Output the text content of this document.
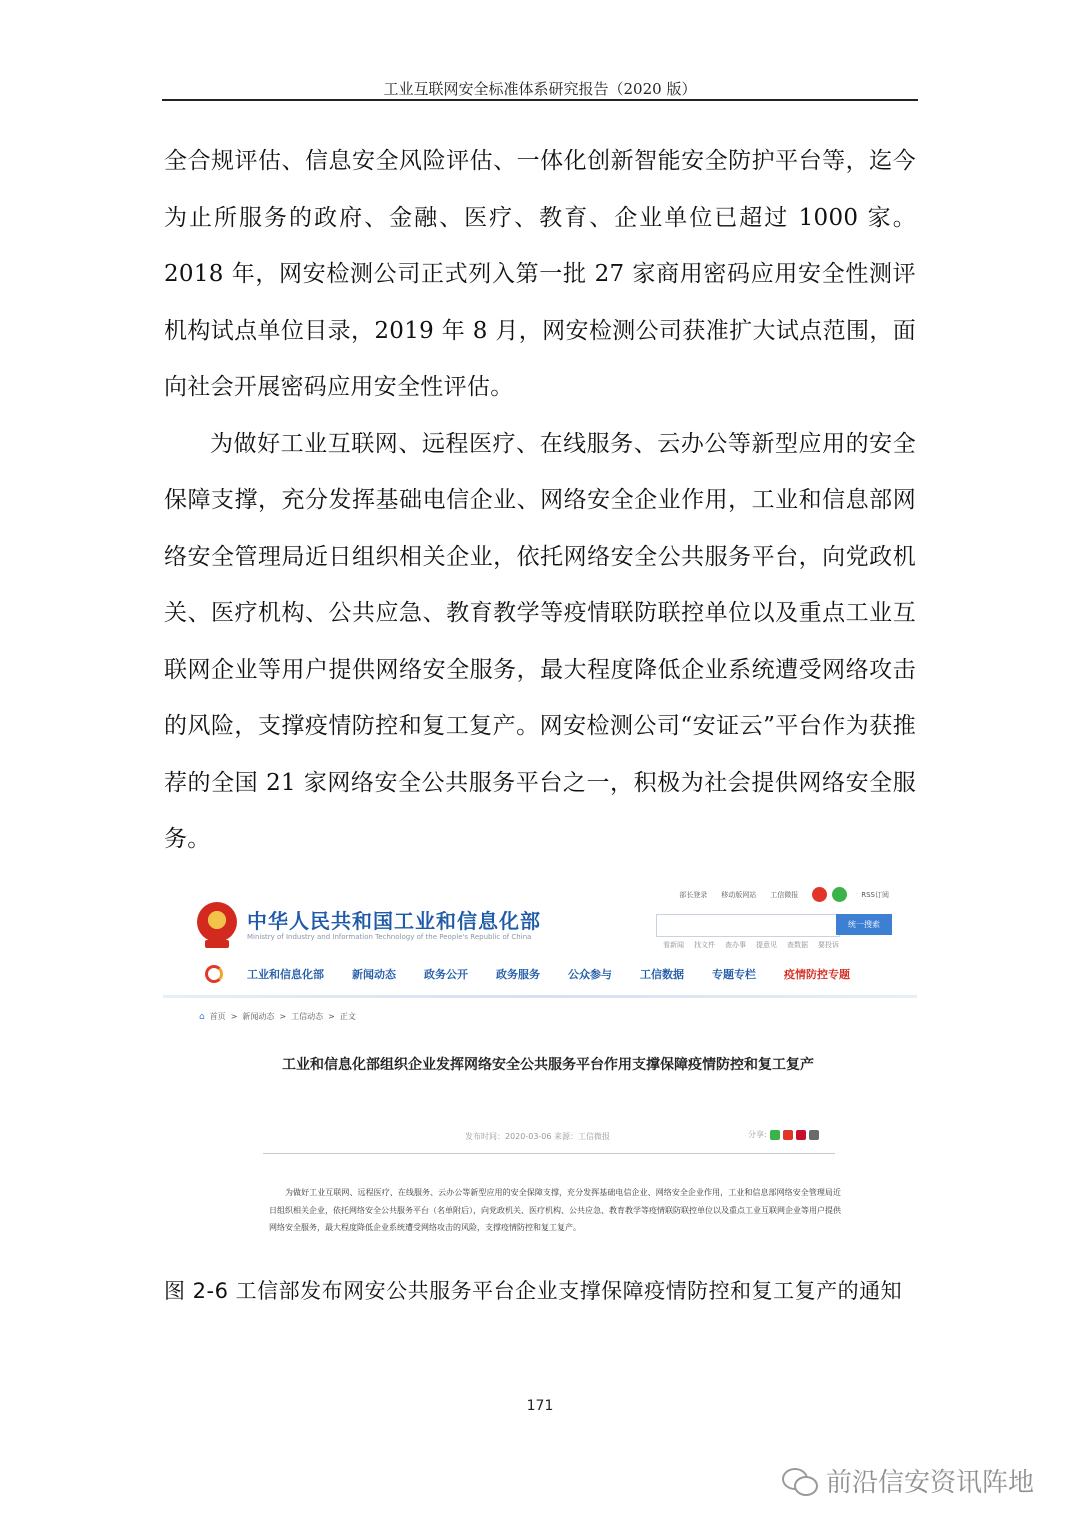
工业互联网安全标准体系研究报告（2020 版）

全合规评估、信息安全风险评估、一体化创新智能安全防护平台等，迄今为止所服务的政府、金融、医疗、教育、企业单位已超过 1000 家。2018 年，网安检测公司正式列入第一批 27 家商用密码应用安全性测评机构试点单位目录，2019 年 8 月，网安检测公司获准扩大试点范围，面向社会开展密码应用安全性评估。

为做好工业互联网、远程医疗、在线服务、云办公等新型应用的安全保障支撑，充分发挥基础电信企业、网络安全企业作用，工业和信息部网络安全管理局近日组织相关企业，依托网络安全公共服务平台，向党政机关、医疗机构、公共应急、教育教学等疫情联防联控单位以及重点工业互联网企业等用户提供网络安全服务，最大程度降低企业系统遭受网络攻击的风险，支撑疫情防控和复工复产。网安检测公司“安证云”平台作为获推荐的全国 21 家网络安全公共服务平台之一，积极为社会提供网络安全服务。

中华人民共和国工业和信息化部
Ministry of Industry and Information Technology of the People's Republic of China
部长登录 移动版网站 工信微报	RSS订阅
统一搜索
看新闻 找文件 查办事 提意见 查数据 要投诉
工业和信息化部	新闻动态	政务公开	政务服务	公众参与	工信数据	专题专栏	疫情防控专题
⌂ 首页 > 新闻动态 > 工信动态 > 正文
工业和信息化部组织企业发挥网络安全公共服务平台作用支撑保障疫情防控和复工复产
发布时间：2020-03-06 来源：工信微报	分享:
为做好工业互联网、远程医疗、在线服务、云办公等新型应用的安全保障支撑，充分发挥基础电信企业、网络安全企业作用，工业和信息部网络安全管理局近日组织相关企业，依托网络安全公共服务平台（名单附后），向党政机关、医疗机构、公共应急、教育教学等疫情联防联控单位以及重点工业互联网企业等用户提供网络安全服务，最大程度降低企业系统遭受网络攻击的风险，支撑疫情防控和复工复产。
图 2-6 工信部发布网安公共服务平台企业支撑保障疫情防控和复工复产的通知
171
前沿信安资讯阵地
